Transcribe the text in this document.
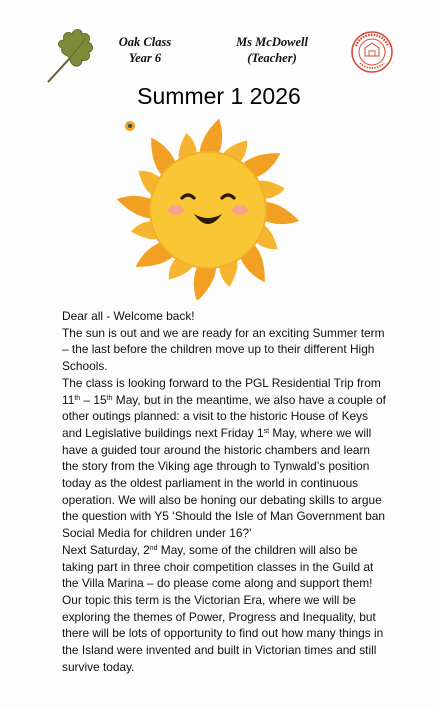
Oak Class
Year 6
Ms McDowell
(Teacher)
Summer 1 2026

Dear all - Welcome back!

The sun is out and we are ready for an exciting Summer term – the last before the children move up to their different High Schools.

The class is looking forward to the PGL Residential Trip from 11th – 15th May, but in the meantime, we also have a couple of other outings planned: a visit to the historic House of Keys and Legislative buildings next Friday 1st May, where we will have a guided tour around the historic chambers and learn the story from the Viking age through to Tynwald’s position today as the oldest parliament in the world in continuous operation. We will also be honing our debating skills to argue the question with Y5 ‘Should the Isle of Man Government ban Social Media for children under 16?’

Next Saturday, 2nd May, some of the children will also be taking part in three choir competition classes in the Guild at the Villa Marina – do please come along and support them!

Our topic this term is the Victorian Era, where we will be exploring the themes of Power, Progress and Inequality, but there will be lots of opportunity to find out how many things in the Island were invented and built in Victorian times and still survive today.
